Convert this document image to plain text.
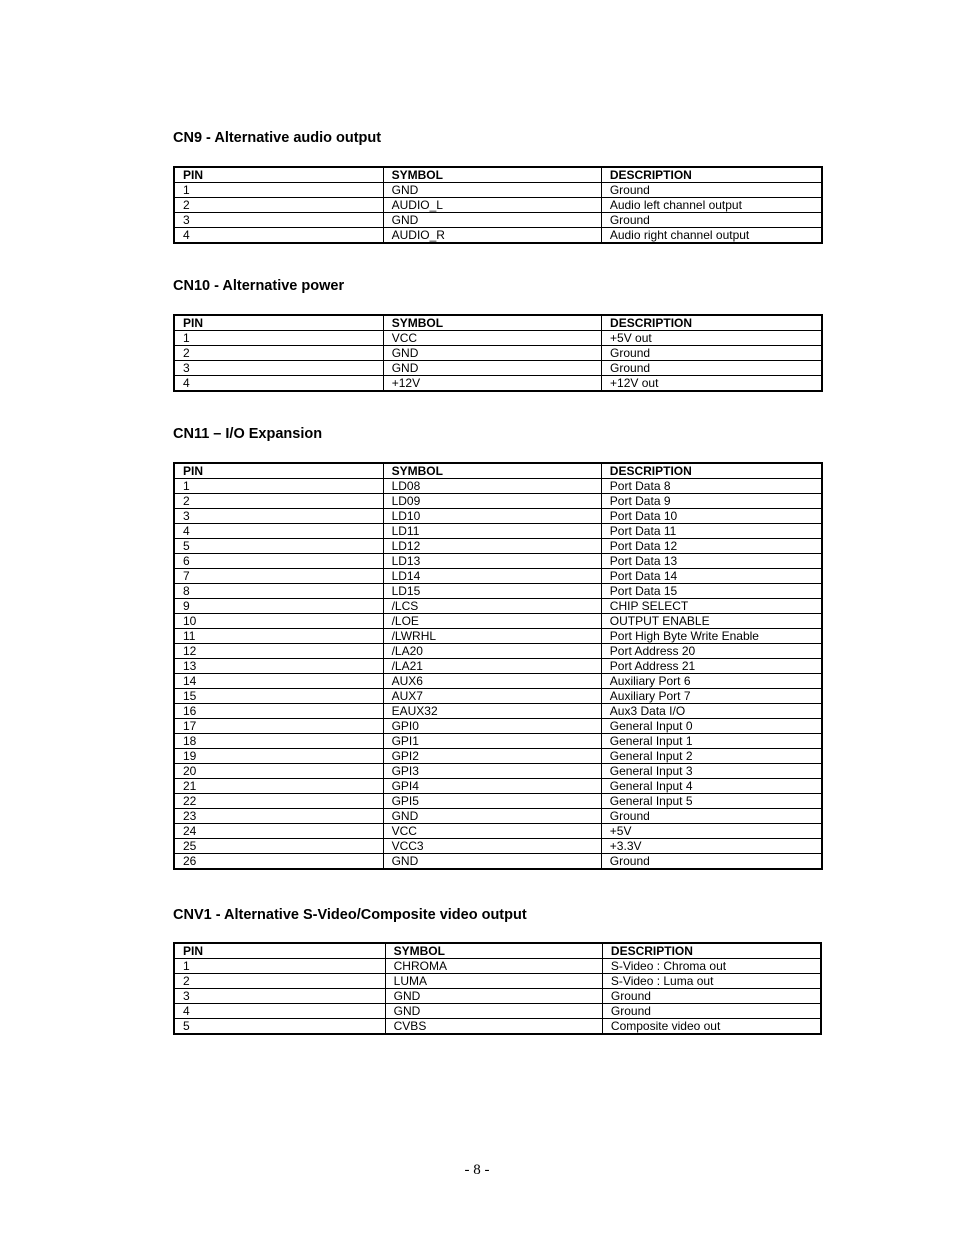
CN9 - Alternative audio output
PIN	SYMBOL	DESCRIPTION
1	GND	Ground
2	AUDIO_L	Audio left channel output
3	GND	Ground
4	AUDIO_R	Audio right channel output
CN10 - Alternative power
PIN	SYMBOL	DESCRIPTION
1	VCC	+5V out
2	GND	Ground
3	GND	Ground
4	+12V	+12V out
CN11 – I/O Expansion
PIN	SYMBOL	DESCRIPTION
1	LD08	Port Data 8
2	LD09	Port Data 9
3	LD10	Port Data 10
4	LD11	Port Data 11
5	LD12	Port Data 12
6	LD13	Port Data 13
7	LD14	Port Data 14
8	LD15	Port Data 15
9	/LCS	CHIP SELECT
10	/LOE	OUTPUT ENABLE
11	/LWRHL	Port High Byte Write Enable
12	/LA20	Port Address 20
13	/LA21	Port Address 21
14	AUX6	Auxiliary Port 6
15	AUX7	Auxiliary Port 7
16	EAUX32	Aux3 Data I/O
17	GPI0	General Input 0
18	GPI1	General Input 1
19	GPI2	General Input 2
20	GPI3	General Input 3
21	GPI4	General Input 4
22	GPI5	General Input 5
23	GND	Ground
24	VCC	+5V
25	VCC3	+3.3V
26	GND	Ground
CNV1 - Alternative S-Video/Composite video output
PIN	SYMBOL	DESCRIPTION
1	CHROMA	S-Video : Chroma out
2	LUMA	S-Video : Luma out
3	GND	Ground
4	GND	Ground
5	CVBS	Composite video out
- 8 -
